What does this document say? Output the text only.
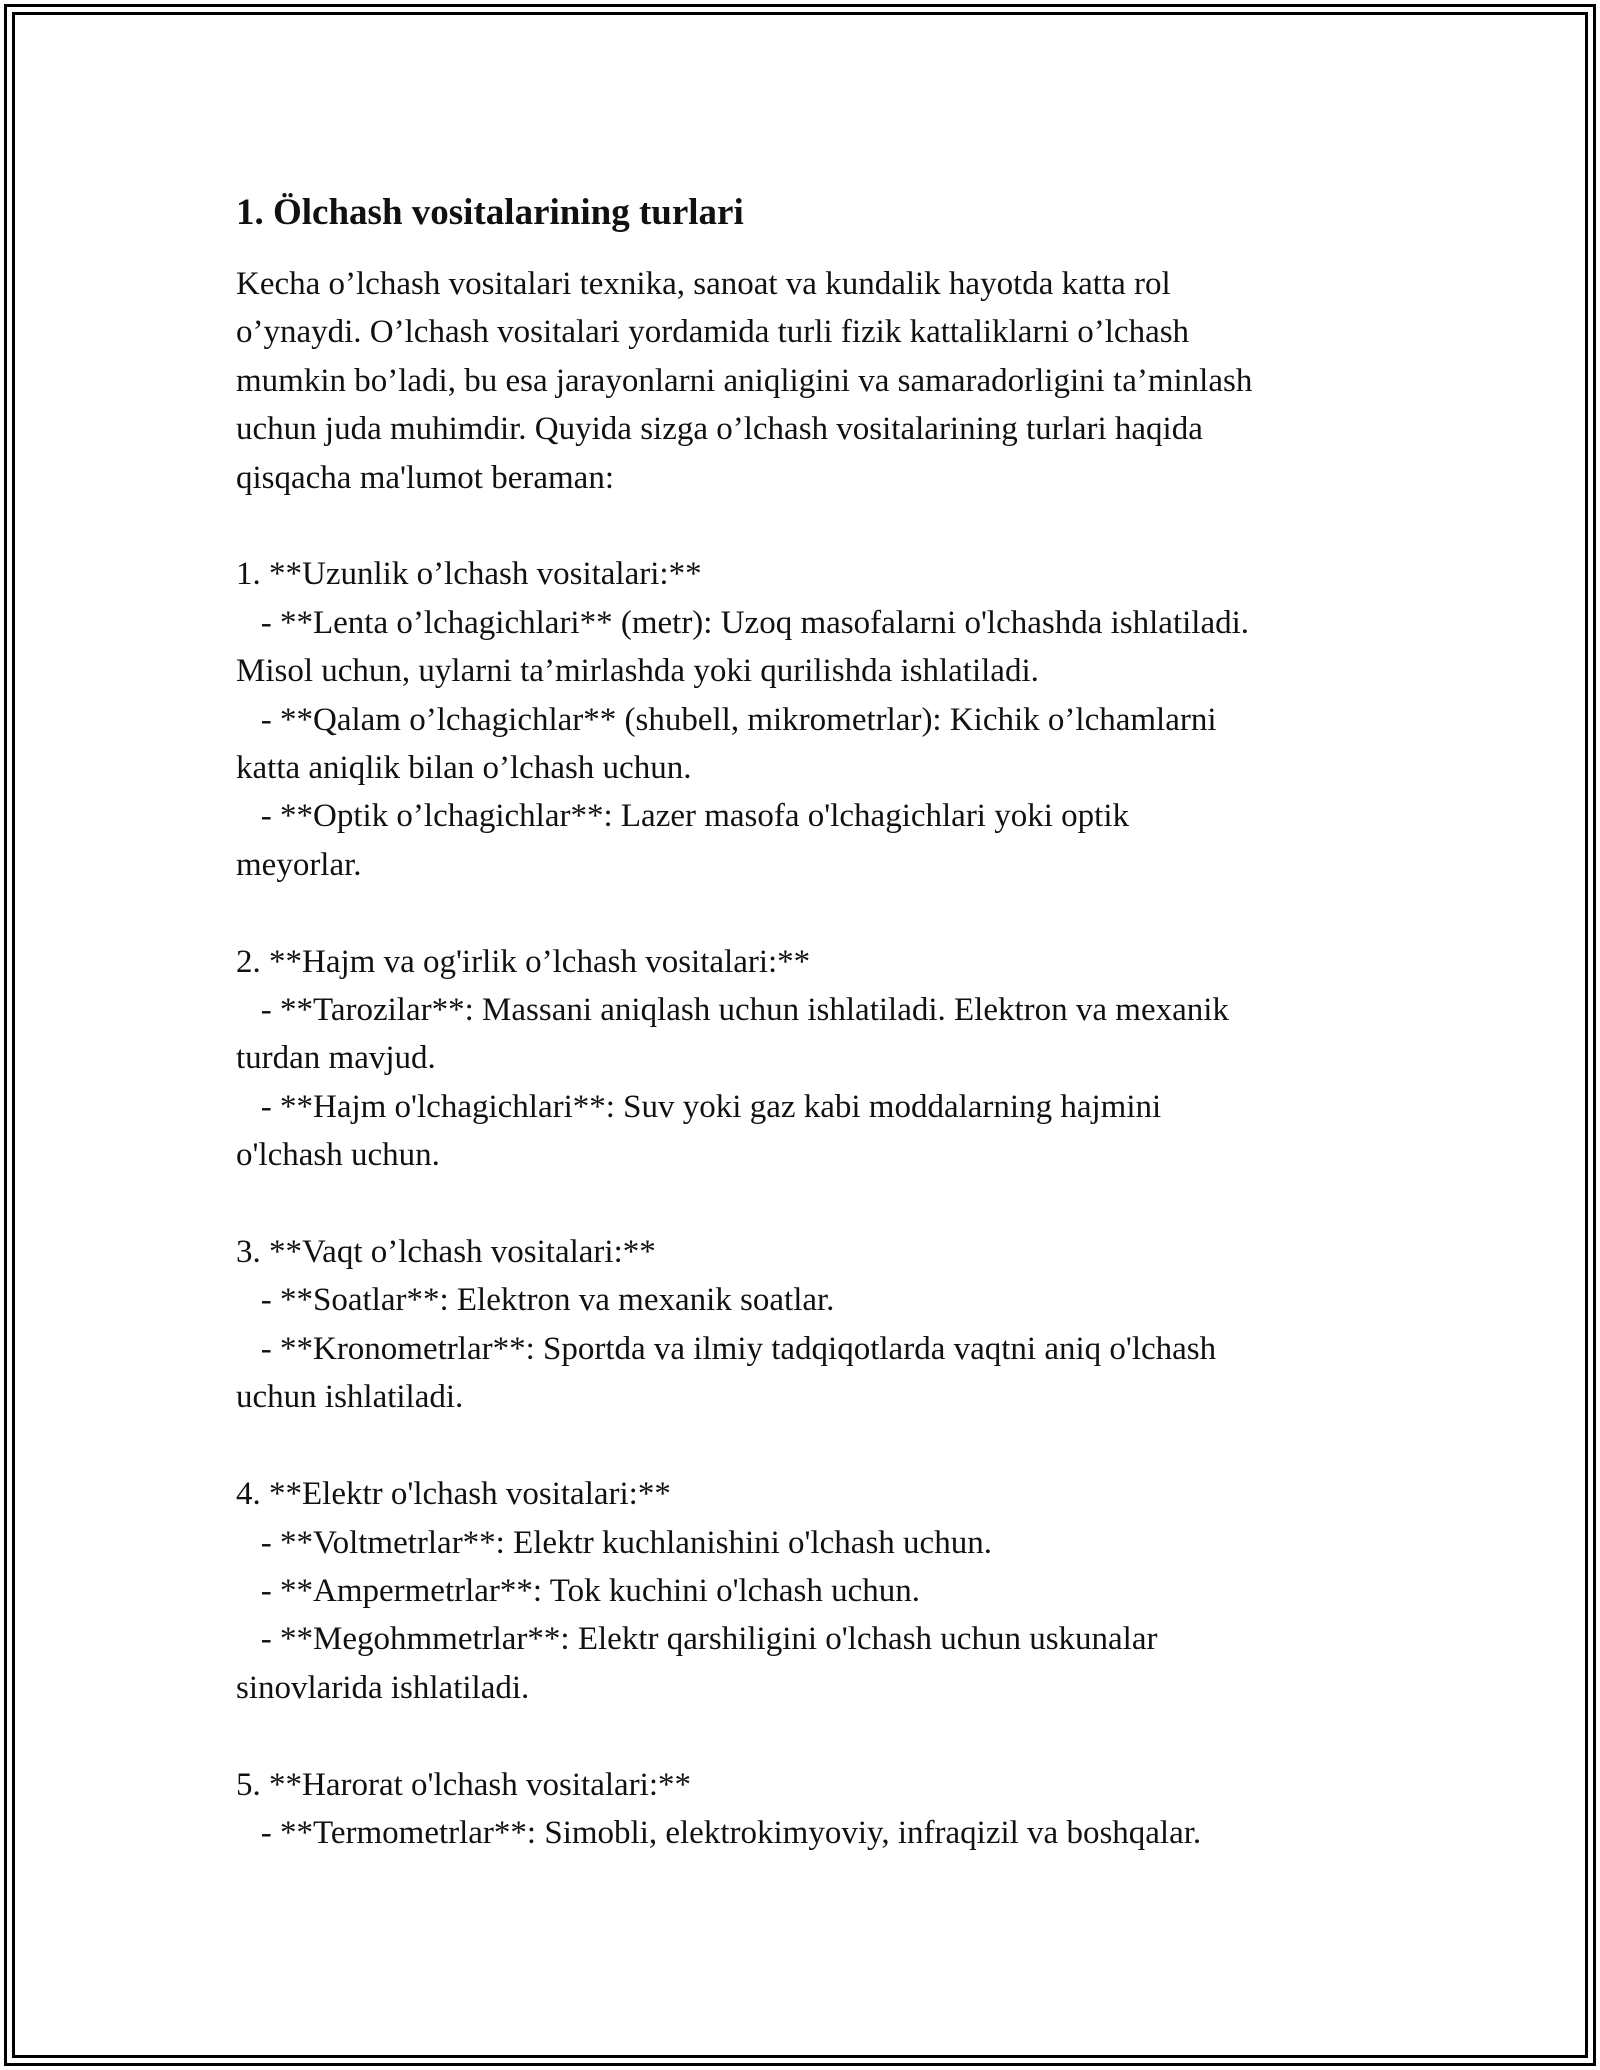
1. Ölchash vositalarining turlari

Kecha o’lchash vositalari texnika, sanoat va kundalik hayotda katta rol

o’ynaydi. O’lchash vositalari yordamida turli fizik kattaliklarni o’lchash

mumkin bo’ladi, bu esa jarayonlarni aniqligini va samaradorligini ta’minlash

uchun juda muhimdir. Quyida sizga o’lchash vositalarining turlari haqida

qisqacha ma'lumot beraman:

1. **Uzunlik o’lchash vositalari:**

- **Lenta o’lchagichlari** (metr): Uzoq masofalarni o'lchashda ishlatiladi.

Misol uchun, uylarni ta’mirlashda yoki qurilishda ishlatiladi.

- **Qalam o’lchagichlar** (shubell, mikrometrlar): Kichik o’lchamlarni

katta aniqlik bilan o’lchash uchun.

- **Optik o’lchagichlar**: Lazer masofa o'lchagichlari yoki optik

meyorlar.

2. **Hajm va og'irlik o’lchash vositalari:**

- **Tarozilar**: Massani aniqlash uchun ishlatiladi. Elektron va mexanik

turdan mavjud.

- **Hajm o'lchagichlari**: Suv yoki gaz kabi moddalarning hajmini

o'lchash uchun.

3. **Vaqt o’lchash vositalari:**

- **Soatlar**: Elektron va mexanik soatlar.

- **Kronometrlar**: Sportda va ilmiy tadqiqotlarda vaqtni aniq o'lchash

uchun ishlatiladi.

4. **Elektr o'lchash vositalari:**

- **Voltmetrlar**: Elektr kuchlanishini o'lchash uchun.

- **Ampermetrlar**: Tok kuchini o'lchash uchun.

- **Megohmmetrlar**: Elektr qarshiligini o'lchash uchun uskunalar

sinovlarida ishlatiladi.

5. **Harorat o'lchash vositalari:**

- **Termometrlar**: Simobli, elektrokimyoviy, infraqizil va boshqalar.
